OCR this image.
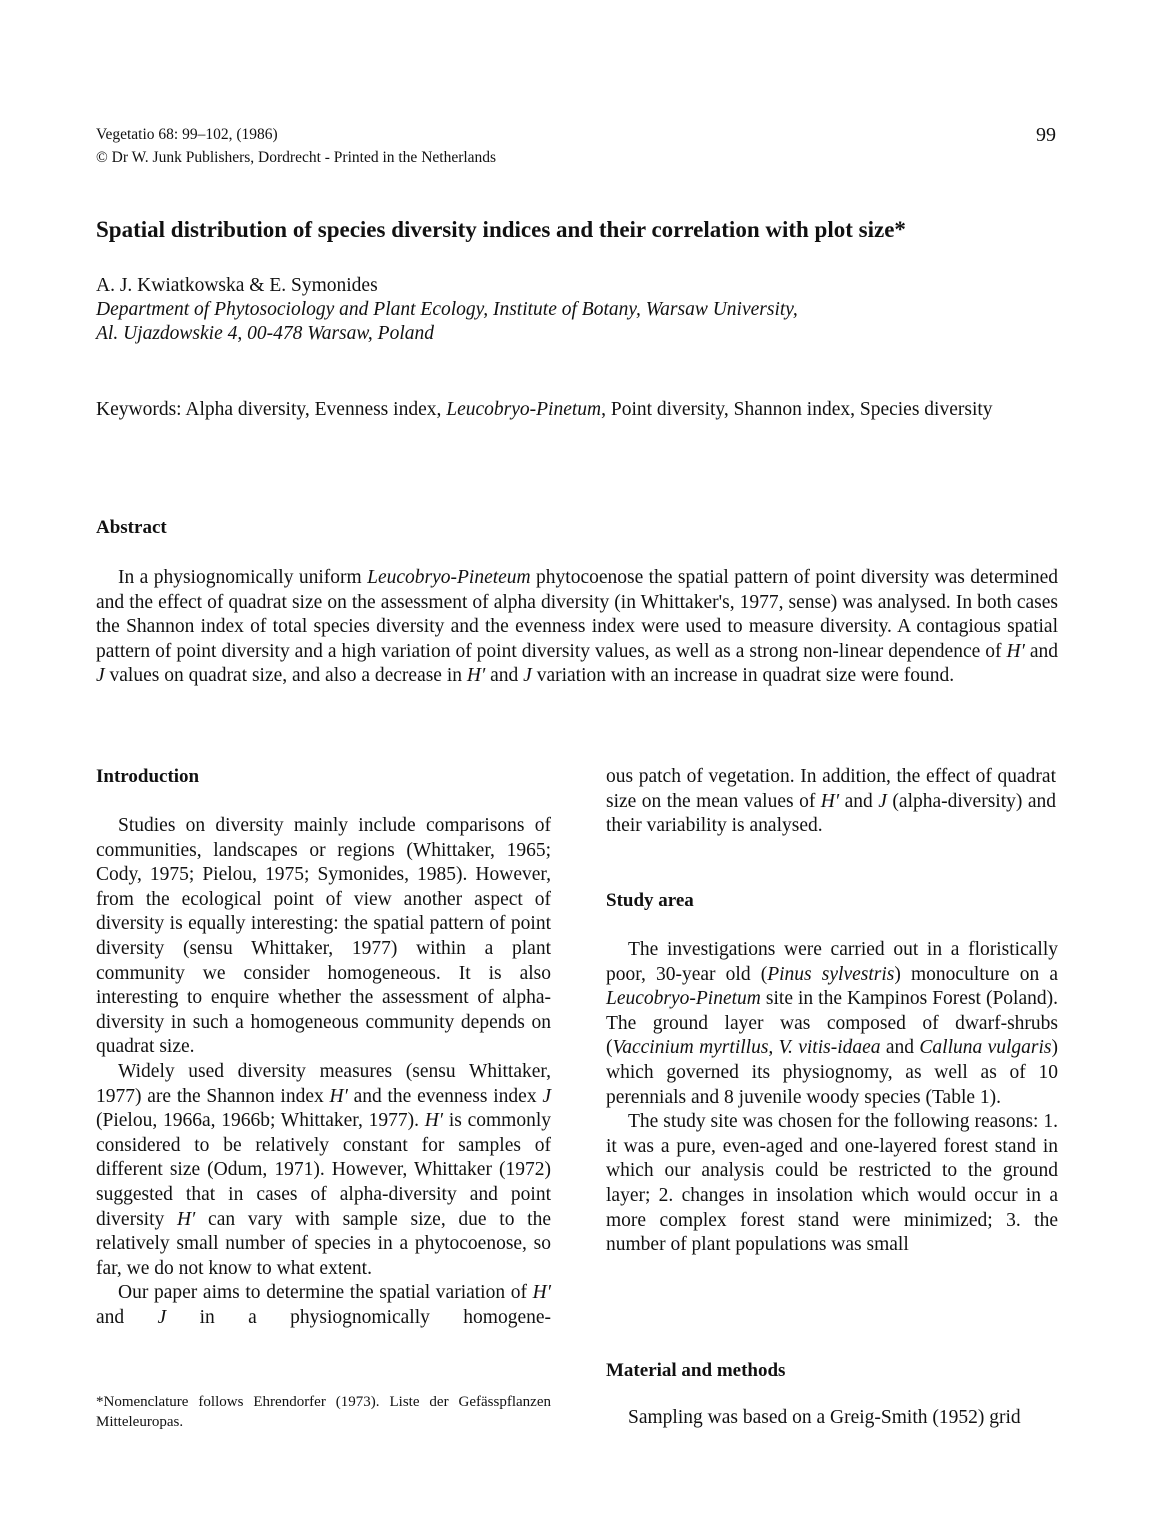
Vegetatio 68: 99–102, (1986)
© Dr W. Junk Publishers, Dordrecht - Printed in the Netherlands
99
Spatial distribution of species diversity indices and their correlation with plot size*
A. J. Kwiatkowska & E. Symonides
Department of Phytosociology and Plant Ecology, Institute of Botany, Warsaw University,
Al. Ujazdowskie 4, 00-478 Warsaw, Poland
Keywords: Alpha diversity, Evenness index, Leucobryo-Pinetum, Point diversity, Shannon index, Species diversity
Abstract

In a physiognomically uniform Leucobryo-Pineteum phytocoenose the spatial pattern of point diversity was determined and the effect of quadrat size on the assessment of alpha diversity (in Whittaker's, 1977, sense) was analysed. In both cases the Shannon index of total species diversity and the evenness index were used to measure diversity. A contagious spatial pattern of point diversity and a high variation of point diversity values, as well as a strong non-linear dependence of H′ and J values on quadrat size, and also a decrease in H′ and J variation with an increase in quadrat size were found.

Introduction

Studies on diversity mainly include comparisons of communities, landscapes or regions (Whittaker, 1965; Cody, 1975; Pielou, 1975; Symonides, 1985). However, from the ecological point of view another aspect of diversity is equally interesting: the spatial pattern of point diversity (sensu Whittaker, 1977) within a plant community we consider homogeneous. It is also interesting to enquire whether the assessment of alpha-diversity in such a homogeneous community depends on quadrat size.

Widely used diversity measures (sensu Whittaker, 1977) are the Shannon index H′ and the evenness index J (Pielou, 1966a, 1966b; Whittaker, 1977). H′ is commonly considered to be relatively constant for samples of different size (Odum, 1971). However, Whittaker (1972) suggested that in cases of alpha-diversity and point diversity H′ can vary with sample size, due to the relatively small number of species in a phytocoenose, so far, we do not know to what extent.

Our paper aims to determine the spatial variation of H′ and J in a physiognomically homogene-

*Nomenclature follows Ehrendorfer (1973). Liste der Gefässpflanzen Mitteleuropas.

ous patch of vegetation. In addition, the effect of quadrat size on the mean values of H′ and J (alpha-diversity) and their variability is analysed.

Study area

The investigations were carried out in a floristically poor, 30-year old (Pinus sylvestris) monoculture on a Leucobryo-Pinetum site in the Kampinos Forest (Poland). The ground layer was composed of dwarf-shrubs (Vaccinium myrtillus, V. vitis-idaea and Calluna vulgaris) which governed its physiognomy, as well as of 10 perennials and 8 juvenile woody species (Table 1).

The study site was chosen for the following reasons: 1. it was a pure, even-aged and one-layered forest stand in which our analysis could be restricted to the ground layer; 2. changes in insolation which would occur in a more complex forest stand were minimized; 3. the number of plant populations was small

Material and methods

Sampling was based on a Greig-Smith (1952) grid
